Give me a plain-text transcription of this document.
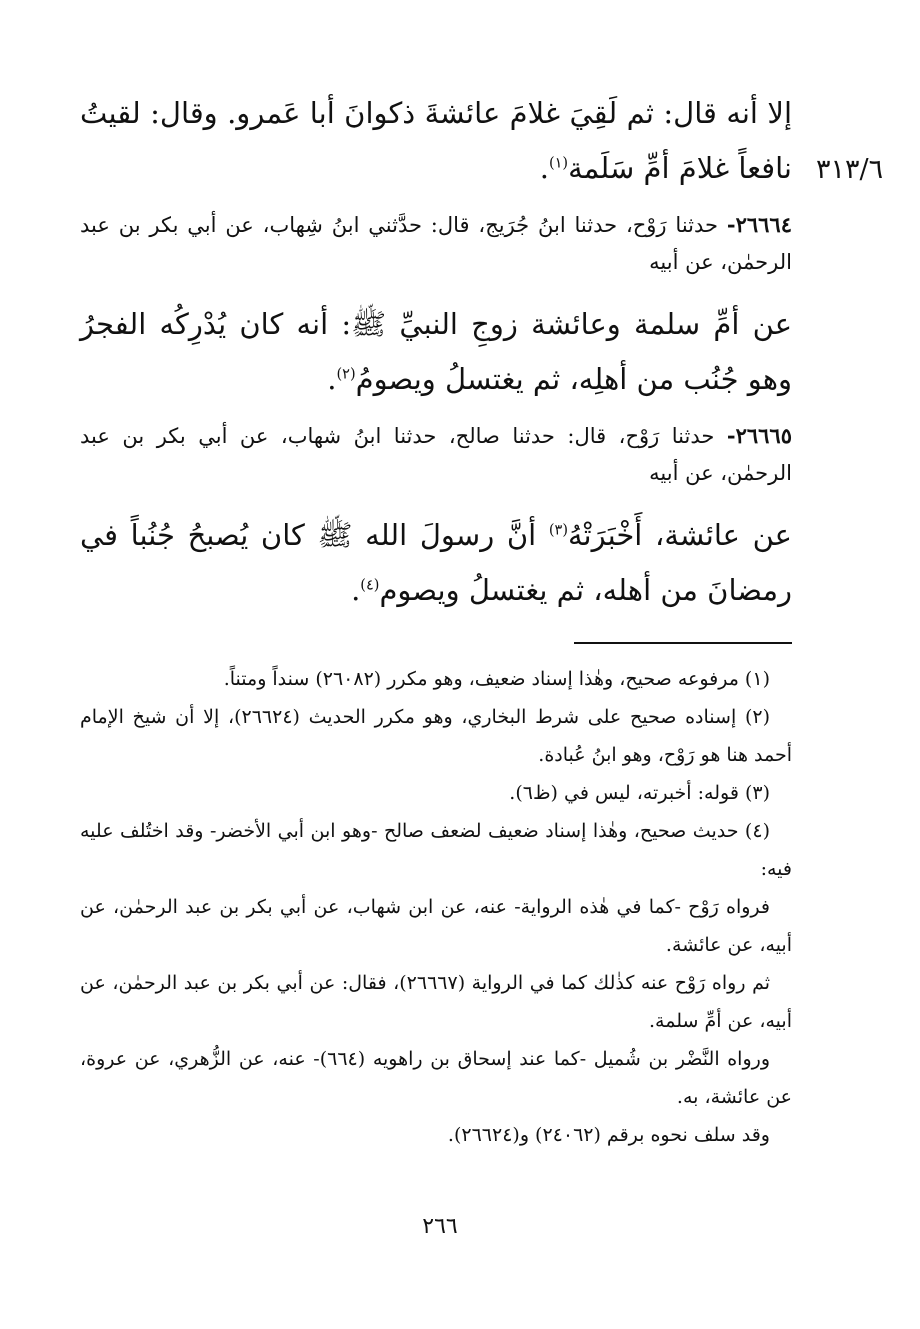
٣١٣/٦

إلا أنه قال: ثم لَقِيَ غلامَ عائشةَ ذكوانَ أبا عَمرو. وقال: لقيتُ نافعاً غلامَ أمِّ سَلَمة$^{(١)}$.

٢٦٦٦٤- حدثنا رَوْح، حدثنا ابنُ جُرَيج، قال: حدَّثني ابنُ شِهاب، عن أبي بكر بن عبد الرحمٰن، عن أبيه

عن أمِّ سلمة وعائشة زوجِ النبيِّ ﷺ: أنه كان يُدْرِكُه الفجرُ وهو جُنُب من أهلِه، ثم يغتسلُ ويصومُ$^{(٢)}$.

٢٦٦٦٥- حدثنا رَوْح، قال: حدثنا صالح، حدثنا ابنُ شهاب، عن أبي بكر بن عبد الرحمٰن، عن أبيه

عن عائشة، أَخْبَرَتْهُ$^{(٣)}$ أنَّ رسولَ الله ﷺ كان يُصبحُ جُنُباً في رمضانَ من أهله، ثم يغتسلُ ويصوم$^{(٤)}$.

(١) مرفوعه صحيح، وهٰذا إسناد ضعيف، وهو مكرر (٢٦٠٨٢) سنداً ومتناً.

(٢) إسناده صحيح على شرط البخاري، وهو مكرر الحديث (٢٦٦٢٤)، إلا أن شيخ الإمام أحمد هنا هو رَوْح، وهو ابنُ عُبادة.

(٣) قوله: أخبرته، ليس في (ظ٦).

(٤) حديث صحيح، وهٰذا إسناد ضعيف لضعف صالح -وهو ابن أبي الأخضر- وقد اختُلف عليه فيه:

فرواه رَوْح -كما في هٰذه الرواية- عنه، عن ابن شهاب، عن أبي بكر بن عبد الرحمٰن، عن أبيه، عن عائشة.

ثم رواه رَوْح عنه كذٰلك كما في الرواية (٢٦٦٦٧)، فقال: عن أبي بكر بن عبد الرحمٰن، عن أبيه، عن أمِّ سلمة.

ورواه النَّضْر بن شُميل -كما عند إسحاق بن راهويه (٦٦٤)- عنه، عن الزُّهري، عن عروة، عن عائشة، به.

وقد سلف نحوه برقم (٢٤٠٦٢) و(٢٦٦٢٤).

٢٦٦
